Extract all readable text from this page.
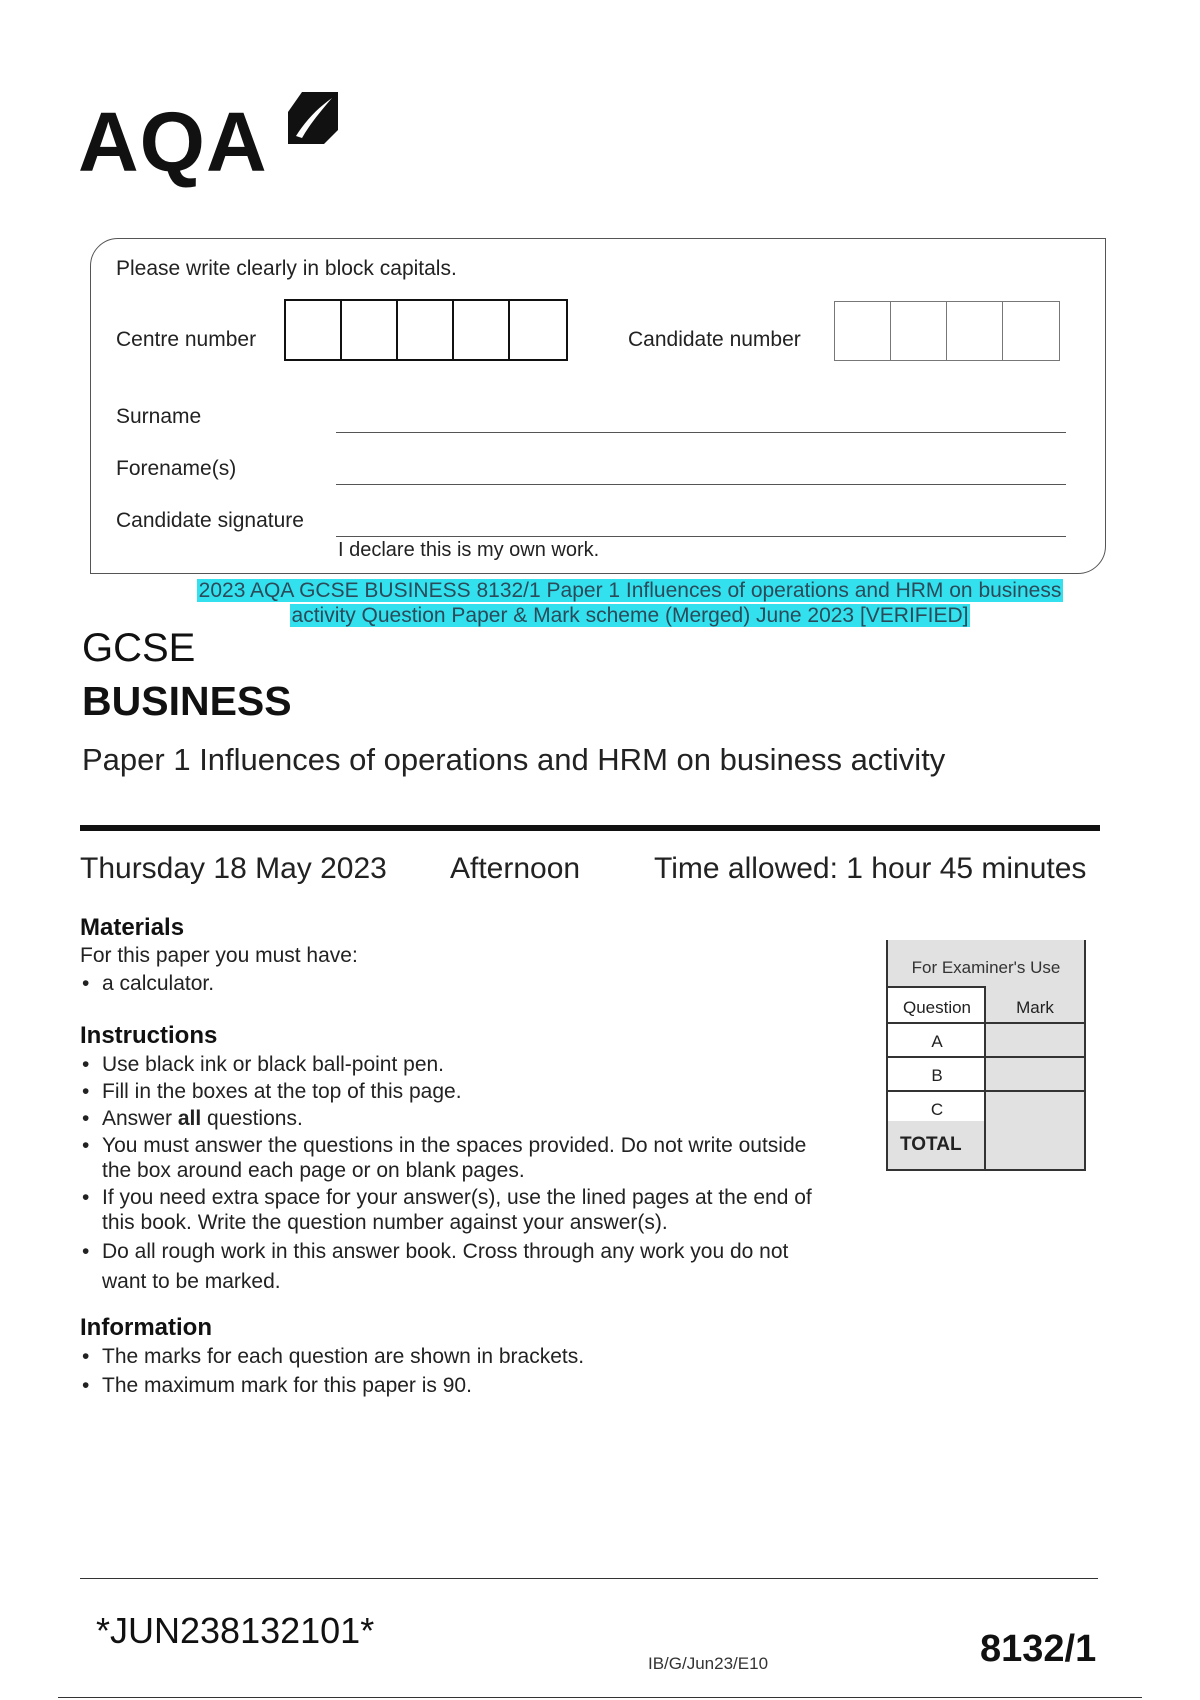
AQA
Please write clearly in block capitals.
Centre number	Candidate number
Surname
Forename(s)
Candidate signature
I declare this is my own work.
2023 AQA GCSE BUSINESS 8132/1 Paper 1 Influences of operations and HRM on business
activity Question Paper & Mark scheme (Merged) June 2023 [VERIFIED]
GCSE
BUSINESS
Paper 1 Influences of operations and HRM on business activity
Thursday 18 May 2023 Afternoon Time allowed: 1 hour 45 minutes
Materials
For this paper you must have:
• a calculator.
Instructions
• Use black ink or black ball-point pen.
• Fill in the boxes at the top of this page.
• Answer all questions.
• You must answer the questions in the spaces provided. Do not write outside
the box around each page or on blank pages.
• If you need extra space for your answer(s), use the lined pages at the end of
this book. Write the question number against your answer(s).
• Do all rough work in this answer book. Cross through any work you do not
want to be marked.
Information
• The marks for each question are shown in brackets.
• The maximum mark for this paper is 90.
For Examiner's Use
Question	Mark
A
B
C
TOTAL
*JUN238132101*
IB/G/Jun23/E10	8132/1
